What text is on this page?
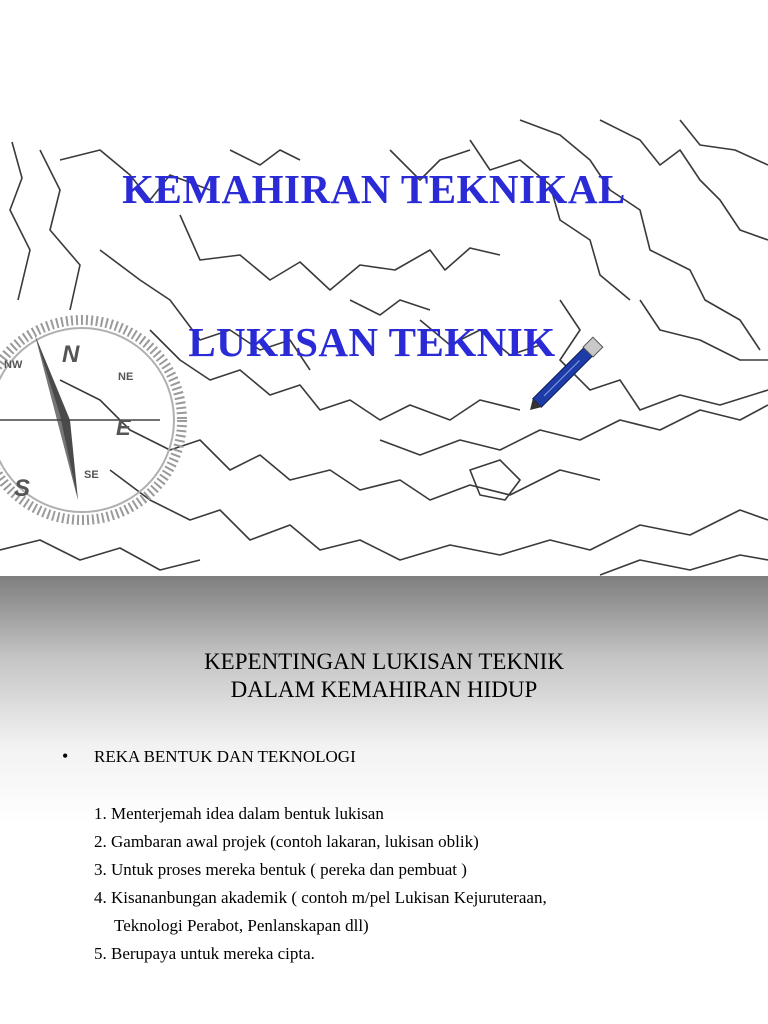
N
S
E
NE
NW
SE
KEMAHIRAN TEKNIKAL
LUKISAN TEKNIK
KEPENTINGAN LUKISAN TEKNIK
DALAM KEMAHIRAN HIDUP
•	REKA BENTUK DAN TEKNOLOGI
1. Menterjemah idea dalam bentuk lukisan
2. Gambaran awal projek (contoh lakaran, lukisan oblik)
3. Untuk proses mereka bentuk ( pereka dan pembuat )
4. Kisananbungan akademik ( contoh m/pel Lukisan Kejuruteraan,
Teknologi Perabot, Penlanskapan dll)
5. Berupaya untuk mereka cipta.
